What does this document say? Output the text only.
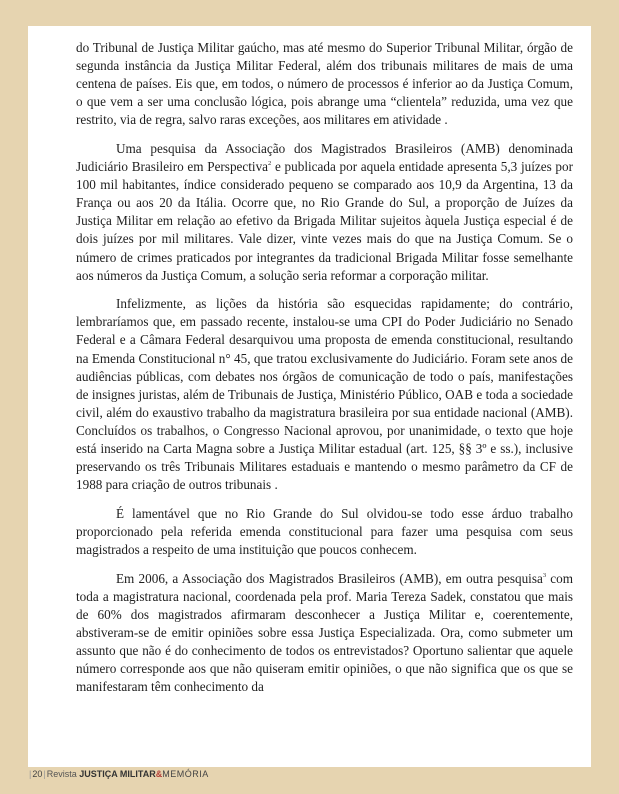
do Tribunal de Justiça Militar gaúcho, mas até mesmo do Superior Tribunal Militar, órgão de segunda instância da Justiça Militar Federal, além dos tribunais militares de mais de uma centena de países. Eis que, em todos, o número de processos é inferior ao da Justiça Comum, o que vem a ser uma conclusão lógica, pois abrange uma “clientela” reduzida, uma vez que restrito, via de regra, salvo raras exceções, aos militares em atividade .

Uma pesquisa da Associação dos Magistrados Brasileiros (AMB) denominada Judiciário Brasileiro em Perspectiva$^2$ e publicada por aquela entidade apresenta 5,3 juízes por 100 mil habitantes, índice considerado pequeno se comparado aos 10,9 da Argentina, 13 da França ou aos 20 da Itália. Ocorre que, no Rio Grande do Sul, a proporção de Juízes da Justiça Militar em relação ao efetivo da Brigada Militar sujeitos àquela Justiça especial é de dois juízes por mil militares. Vale dizer, vinte vezes mais do que na Justiça Comum. Se o número de crimes praticados por integrantes da tradicional Brigada Militar fosse semelhante aos números da Justiça Comum, a solução seria reformar a corporação militar.

Infelizmente, as lições da história são esquecidas rapidamente; do contrário, lembraríamos que, em passado recente, instalou-se uma CPI do Poder Judiciário no Senado Federal e a Câmara Federal desarquivou uma proposta de emenda constitucional, resultando na Emenda Constitucional n° 45, que tratou exclusivamente do Judiciário. Foram sete anos de audiências públicas, com debates nos órgãos de comunicação de todo o país, manifestações de insignes juristas, além de Tribunais de Justiça, Ministério Público, OAB e toda a sociedade civil, além do exaustivo trabalho da magistratura brasileira por sua entidade nacional (AMB). Concluídos os trabalhos, o Congresso Nacional aprovou, por unanimidade, o texto que hoje está inserido na Carta Magna sobre a Justiça Militar estadual (art. 125, §§ 3º e ss.), inclusive preservando os três Tribunais Militares estaduais e mantendo o mesmo parâmetro da CF de 1988 para criação de outros tribunais .

É lamentável que no Rio Grande do Sul olvidou-se todo esse árduo trabalho proporcionado pela referida emenda constitucional para fazer uma pesquisa com seus magistrados a respeito de uma instituição que poucos conhecem.

Em 2006, a Associação dos Magistrados Brasileiros (AMB), em outra pesquisa$^3$ com toda a magistratura nacional, coordenada pela prof. Maria Tereza Sadek, constatou que mais de 60% dos magistrados afirmaram desconhecer a Justiça Militar e, coerentemente, abstiveram-se de emitir opiniões sobre essa Justiça Especializada. Ora, como submeter um assunto que não é do conhecimento de todos os entrevistados? Oportuno salientar que aquele número corresponde aos que não quiseram emitir opiniões, o que não significa que os que se manifestaram têm conhecimento da

|20|Revista JUSTIÇA MILITAR&MEMÓRIA
